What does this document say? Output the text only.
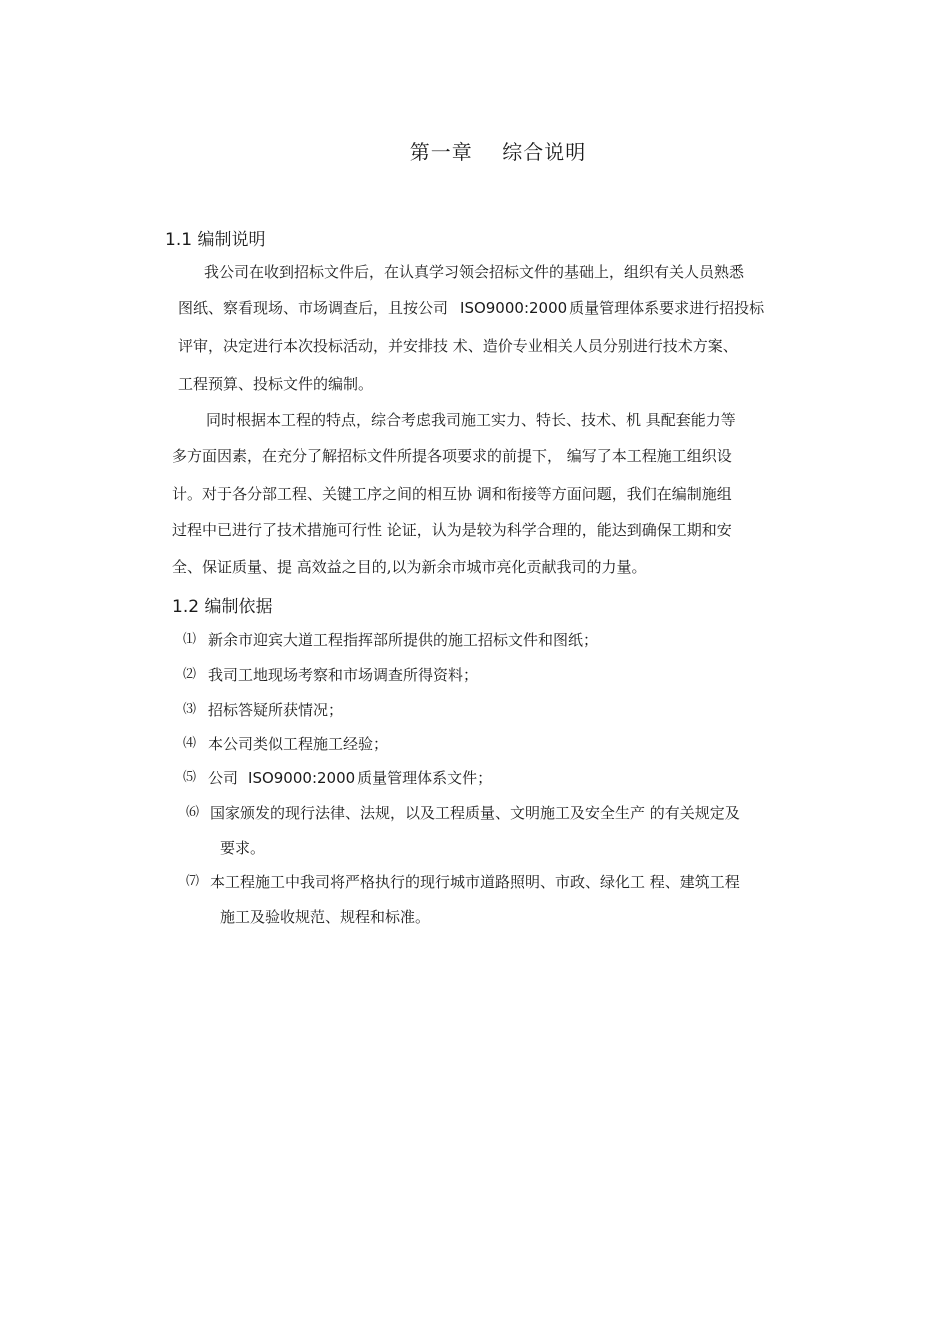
第一章    综合说明
1.1 编制说明
我公司在收到招标文件后，在认真学习领会招标文件的基础上，组织有关人员熟悉
图纸、察看现场、市场调查后，且按公司 ISO9000:2000 质量管理体系要求进行招投标
评审，决定进行本次投标活动，并安排技 术、造价专业相关人员分别进行技术方案、
工程预算、投标文件的编制。
同时根据本工程的特点，综合考虑我司施工实力、特长、技术、机 具配套能力等
多方面因素，在充分了解招标文件所提各项要求的前提下， 编写了本工程施工组织设
计。对于各分部工程、关键工序之间的相互协 调和衔接等方面问题，我们在编制施组
过程中已进行了技术措施可行性 论证，认为是较为科学合理的，能达到确保工期和安
全、保证质量、提 高效益之目的,以为新余市城市亮化贡献我司的力量。
1.2 编制依据
⑴ 新余市迎宾大道工程指挥部所提供的施工招标文件和图纸；
⑵ 我司工地现场考察和市场调查所得资料；
⑶ 招标答疑所获情况；
⑷ 本公司类似工程施工经验；
⑸ 公司 ISO9000:2000 质量管理体系文件；
⑹ 国家颁发的现行法律、法规，以及工程质量、文明施工及安全生产 的有关规定及
要求。
⑺ 本工程施工中我司将严格执行的现行城市道路照明、市政、绿化工 程、建筑工程
施工及验收规范、规程和标准。
